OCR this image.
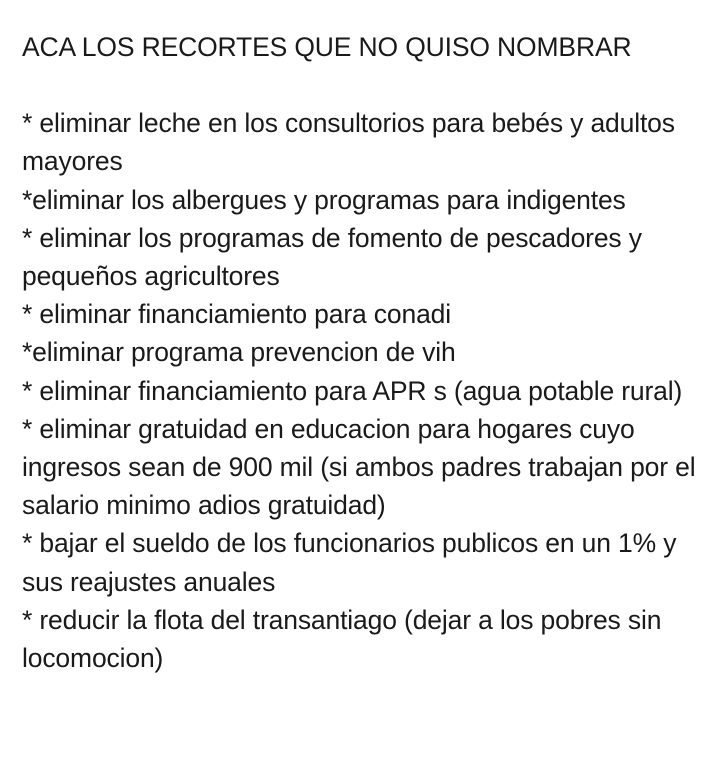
ACA LOS RECORTES QUE NO QUISO NOMBRAR
* eliminar leche en los consultorios para bebés y adultos mayores
*eliminar los albergues y programas para indigentes
* eliminar los programas de fomento de pescadores y pequeños agricultores
* eliminar financiamiento para conadi
*eliminar programa prevencion de vih
* eliminar financiamiento para APR s (agua potable rural)
* eliminar gratuidad en educacion para hogares cuyo ingresos sean de 900 mil (si ambos padres trabajan por el salario minimo adios gratuidad)
* bajar el sueldo de los funcionarios publicos en un 1% y sus reajustes anuales
* reducir la flota del transantiago (dejar a los pobres sin locomocion)
